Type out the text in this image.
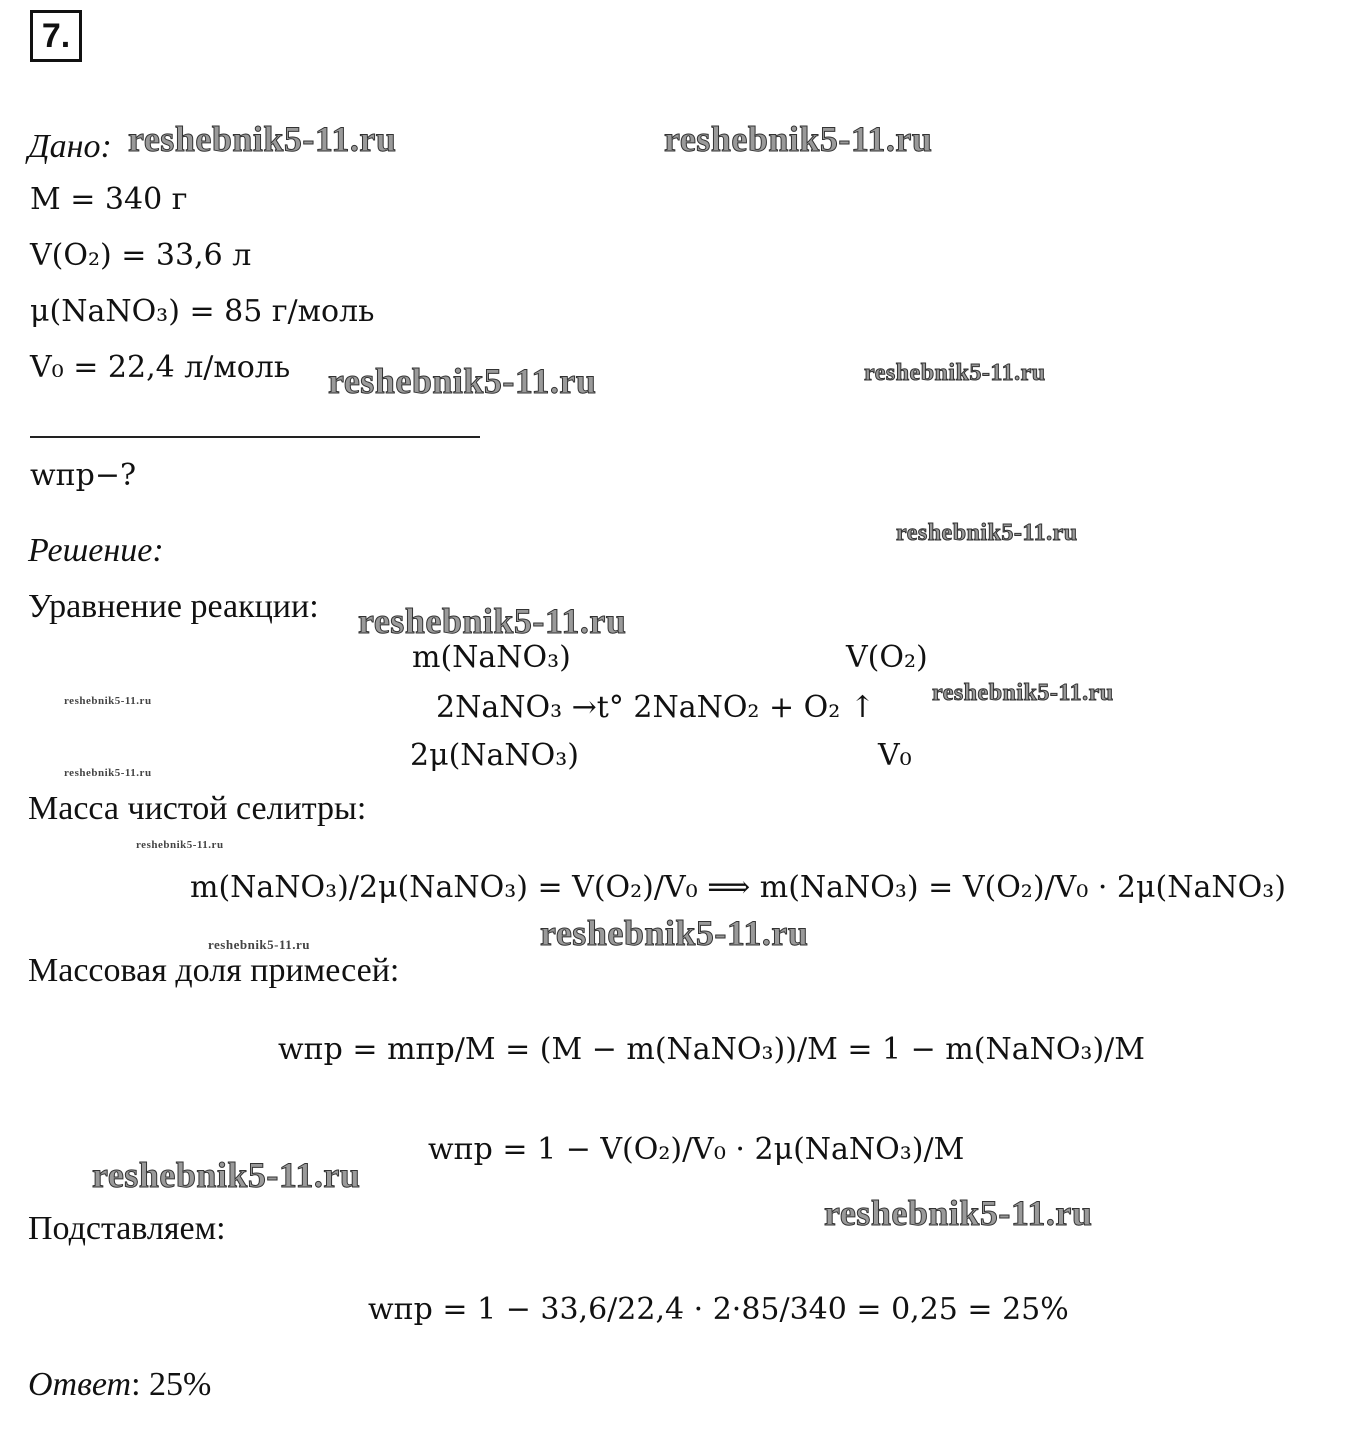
7.
reshebnik5-11.ru	reshebnik5-11.ru
reshebnik5-11.ru	reshebnik5-11.ru
reshebnik5-11.ru
reshebnik5-11.ru
reshebnik5-11.ru
reshebnik5-11.ru
reshebnik5-11.ru
reshebnik5-11.ru
reshebnik5-11.ru	reshebnik5-11.ru
reshebnik5-11.ru
reshebnik5-11.ru
Дано:
M = 340 г
V(O₂) = 33,6 л
μ(NaNO₃) = 85 г/моль
V₀ = 22,4 л/моль
wпр−?
Решение:
Уравнение реакции:
m(NaNO₃)	V(O₂)
2NaNO₃ →t° 2NaNO₂ + O₂ ↑
2μ(NaNO₃)	V₀
Масса чистой селитры:
m(NaNO₃)/2μ(NaNO₃) = V(O₂)/V₀ ⟹ m(NaNO₃) = V(O₂)/V₀ · 2μ(NaNO₃)
Массовая доля примесей:
wпр = mпр/M = (M − m(NaNO₃))/M = 1 − m(NaNO₃)/M
wпр = 1 − V(O₂)/V₀ · 2μ(NaNO₃)/M
Подставляем:
wпр = 1 − 33,6/22,4 · 2·85/340 = 0,25 = 25%
Ответ: 25%
